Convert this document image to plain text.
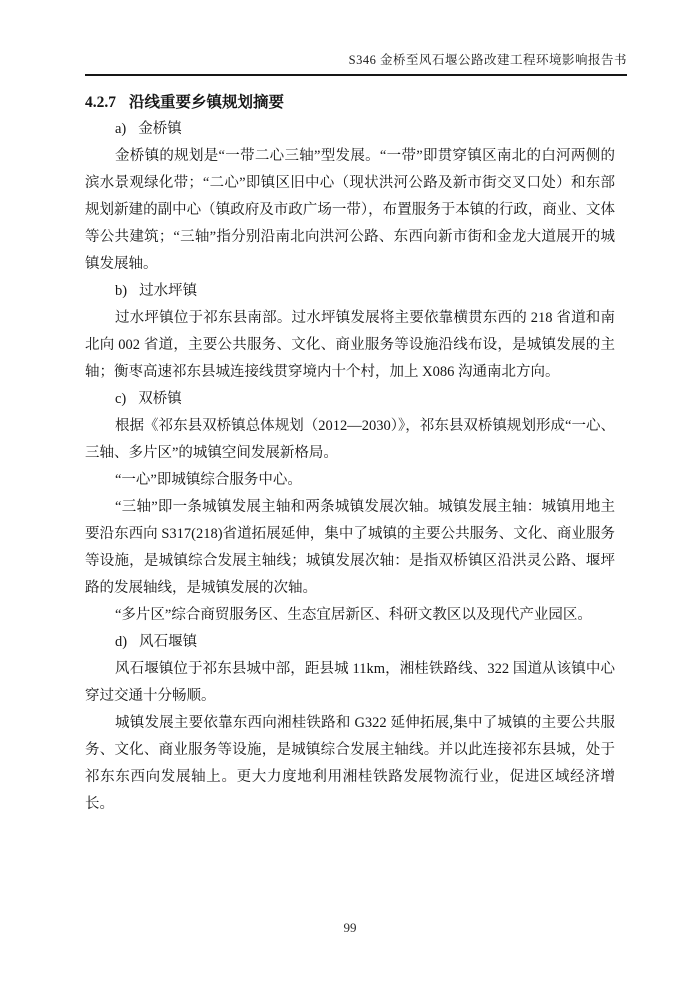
S346 金桥至风石堰公路改建工程环境影响报告书
4.2.7 沿线重要乡镇规划摘要
a) 金桥镇

金桥镇的规划是“一带二心三轴”型发展。“一带”即贯穿镇区南北的白河两侧的滨水景观绿化带；“二心”即镇区旧中心（现状洪河公路及新市街交叉口处）和东部规划新建的副中心（镇政府及市政广场一带），布置服务于本镇的行政，商业、文体等公共建筑；“三轴”指分别沿南北向洪河公路、东西向新市街和金龙大道展开的城镇发展轴。

b) 过水坪镇

过水坪镇位于祁东县南部。过水坪镇发展将主要依靠横贯东西的 218 省道和南北向 002 省道，主要公共服务、文化、商业服务等设施沿线布设，是城镇发展的主轴；衡枣高速祁东县城连接线贯穿境内十个村，加上 X086 沟通南北方向。

c) 双桥镇

根据《祁东县双桥镇总体规划（2012—2030）》，祁东县双桥镇规划形成“一心、三轴、多片区”的城镇空间发展新格局。

“一心”即城镇综合服务中心。

“三轴”即一条城镇发展主轴和两条城镇发展次轴。城镇发展主轴：城镇用地主要沿东西向 S317(218)省道拓展延伸，集中了城镇的主要公共服务、文化、商业服务等设施，是城镇综合发展主轴线；城镇发展次轴：是指双桥镇区沿洪灵公路、堰坪路的发展轴线，是城镇发展的次轴。

“多片区”综合商贸服务区、生态宜居新区、科研文教区以及现代产业园区。

d) 风石堰镇

风石堰镇位于祁东县城中部，距县城 11km，湘桂铁路线、322 国道从该镇中心穿过交通十分畅顺。

城镇发展主要依靠东西向湘桂铁路和 G322 延伸拓展,集中了城镇的主要公共服务、文化、商业服务等设施，是城镇综合发展主轴线。并以此连接祁东县城，处于祁东东西向发展轴上。更大力度地利用湘桂铁路发展物流行业，促进区域经济增长。

99
